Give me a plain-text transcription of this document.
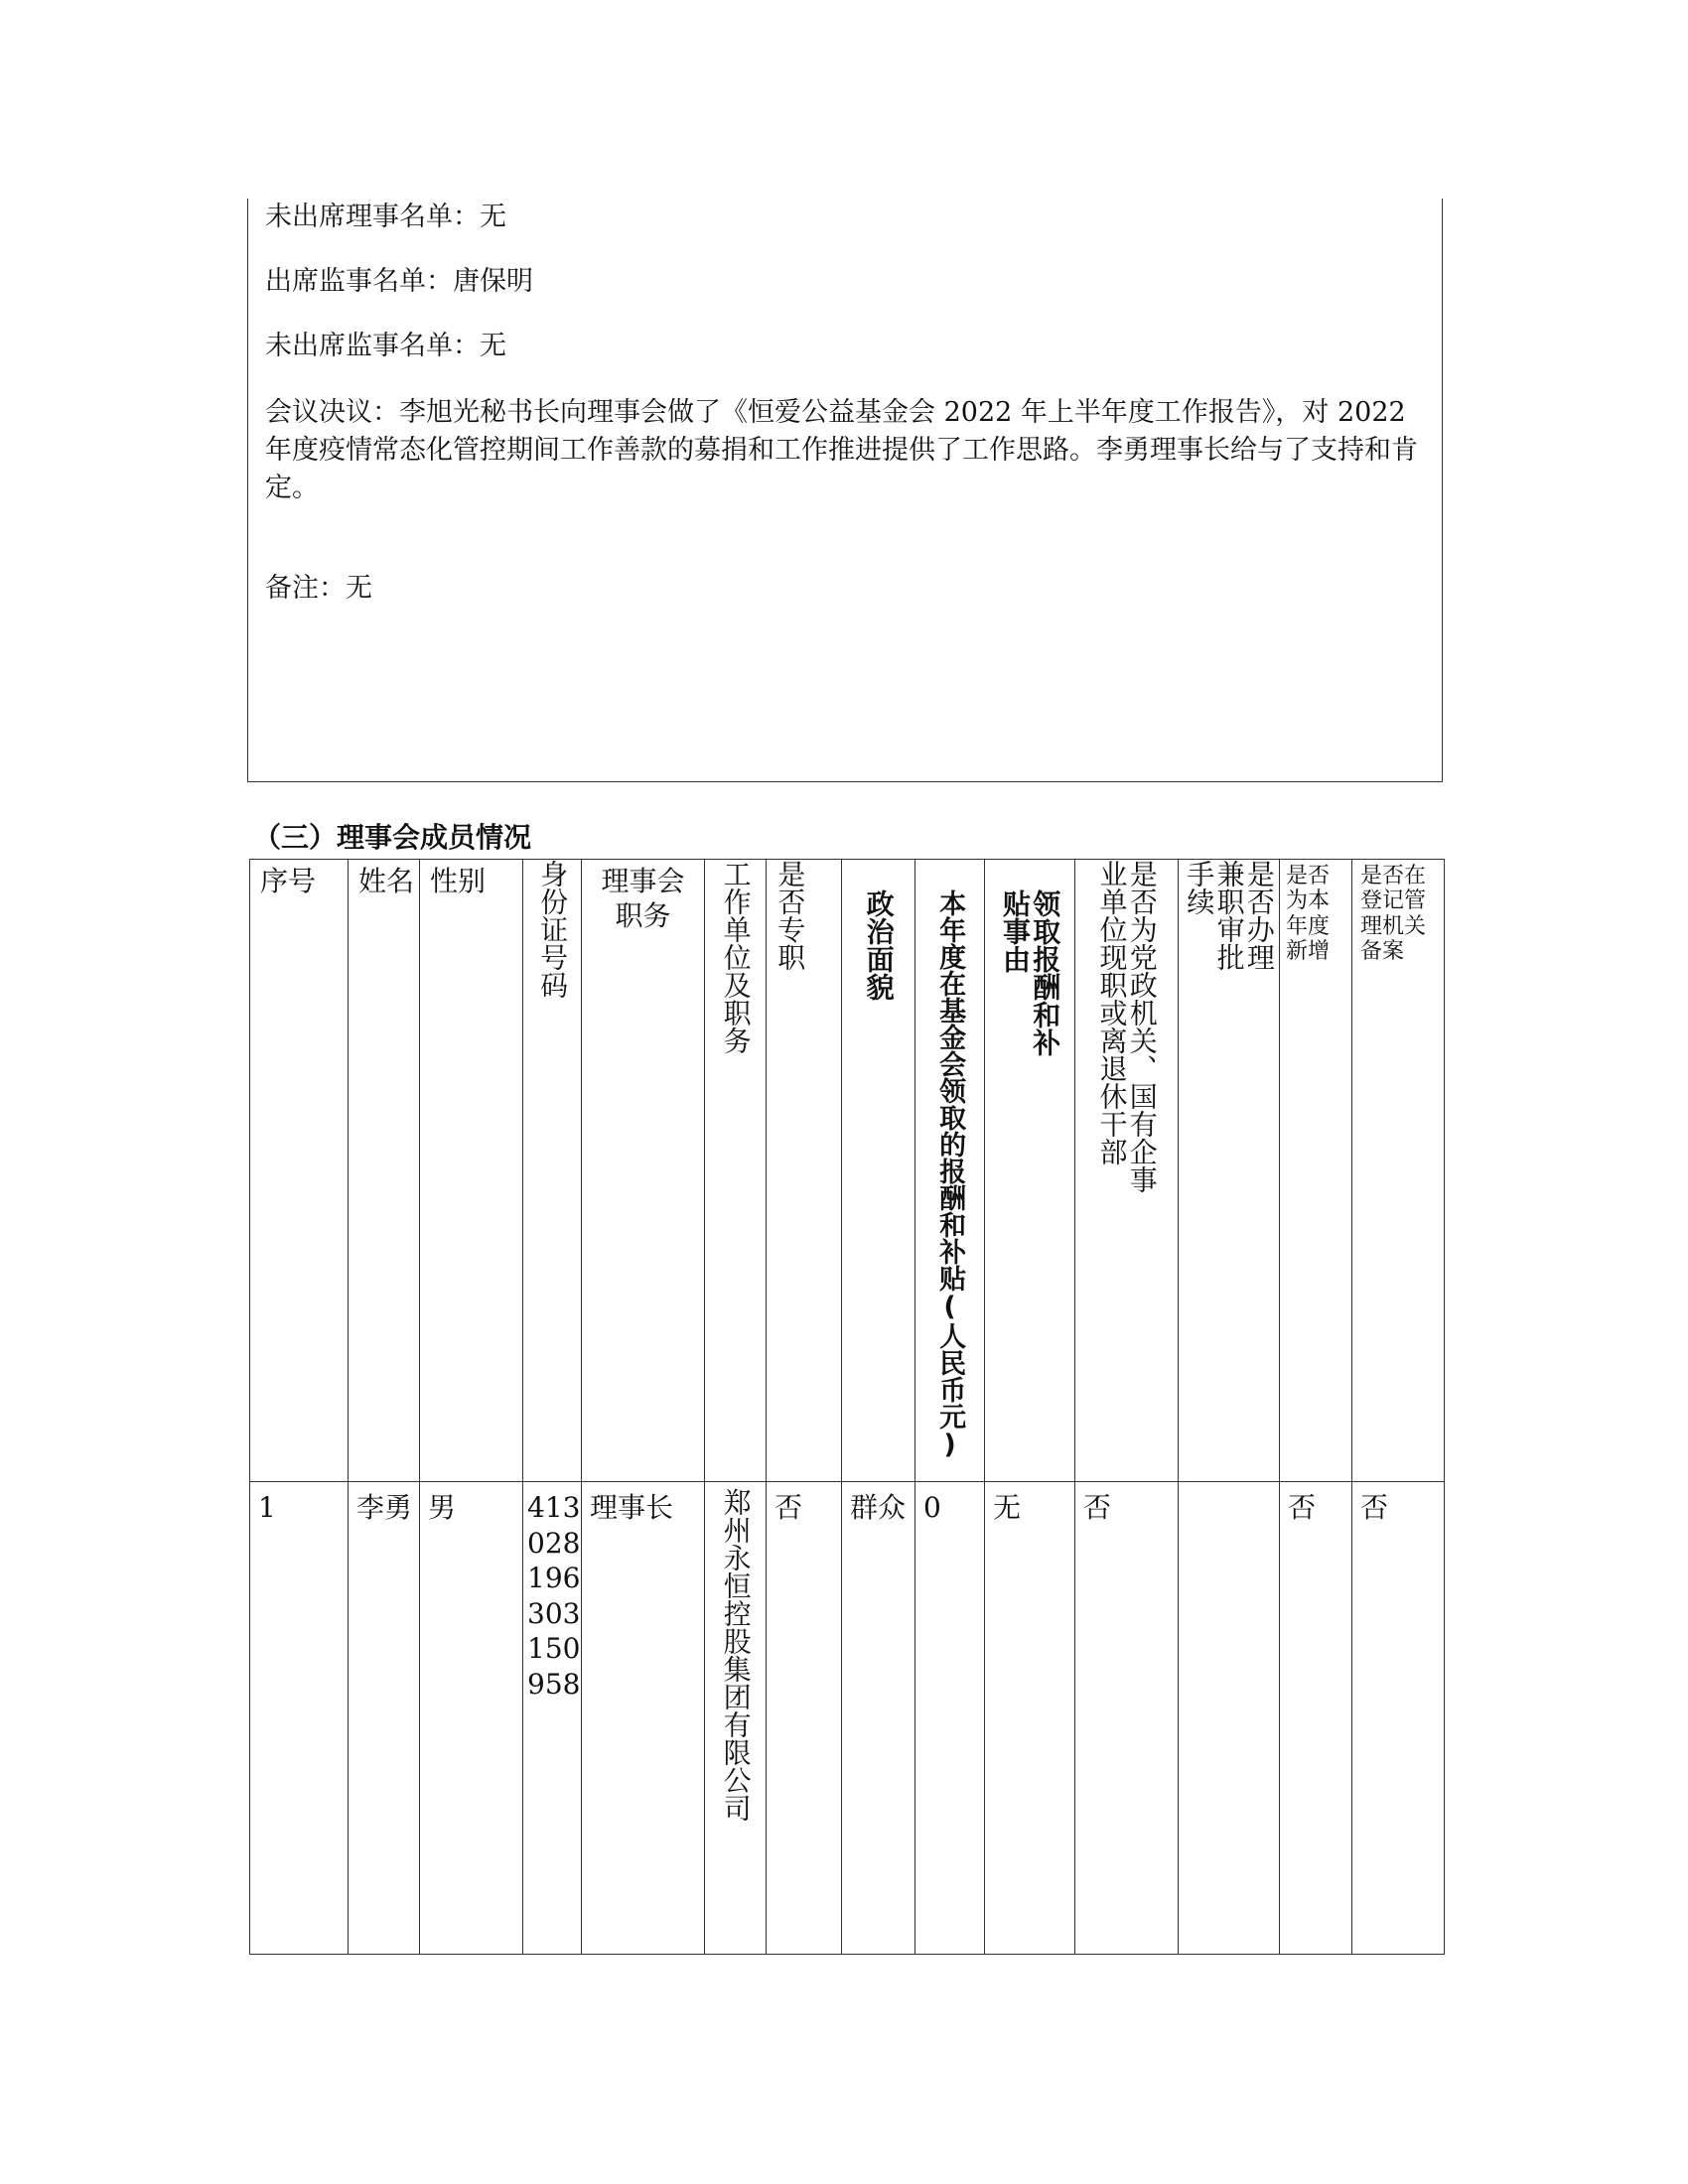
未出席理事名单：无

出席监事名单：唐保明

未出席监事名单：无

会议决议：李旭光秘书长向理事会做了《恒爱公益基金会 2022 年上半年度工作报告》，对 2022 年度疫情常态化管控期间工作善款的募捐和工作推进提供了工作思路。李勇理事长给与了支持和肯定。

备注：无

（三）理事会成员情况
序号	姓名	性别	身份证号码	理事会职务	工作单位及职务	是否专职	政治面貌	本年度在基金会领取的报酬和补贴(人民币元)	领取报酬和补贴事由	是否为党政机关、国有企事业单位现职或离退休干部	是否办理兼职审批手续	是否为本年度新增	是否在登记管理机关备案

1	李勇	男	413028196303150958	理事长	郑州永恒控股集团有限公司	否	群众	0	无	否		否	否
